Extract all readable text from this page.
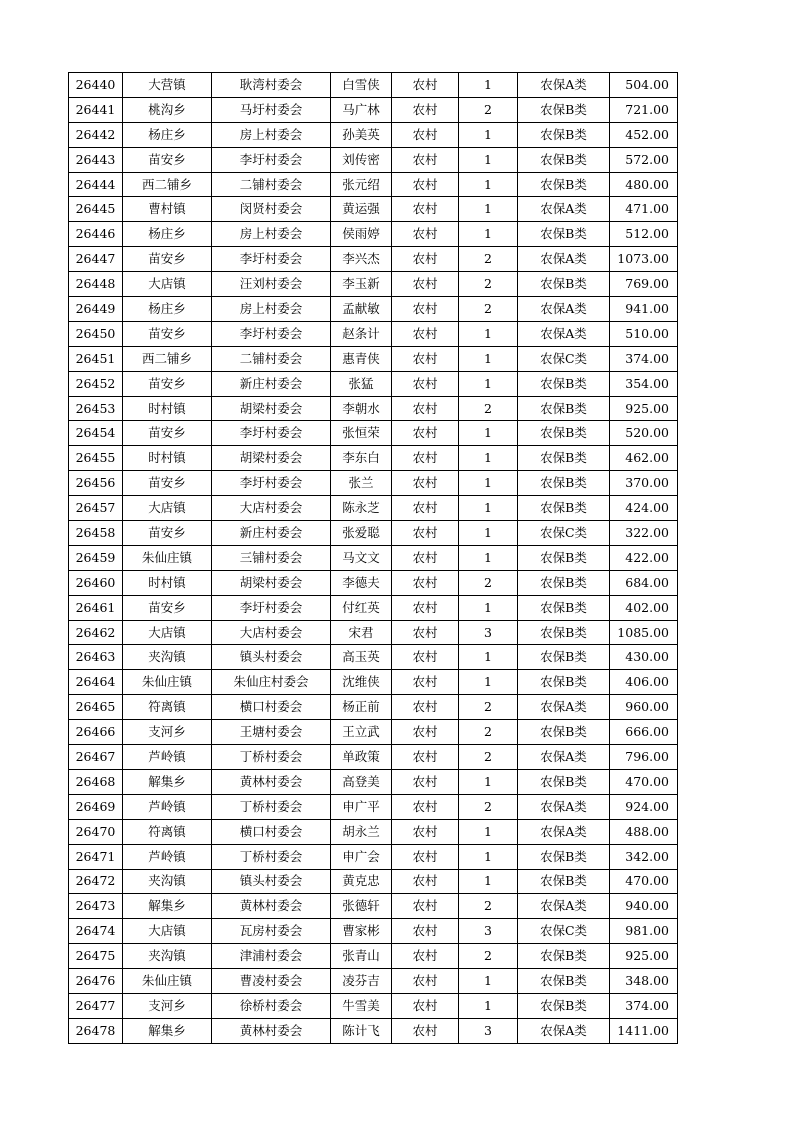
26440	大营镇	耿湾村委会	白雪侠	农村	1	农保A类	504.00
26441	桃沟乡	马圩村委会	马广林	农村	2	农保B类	721.00
26442	杨庄乡	房上村委会	孙美英	农村	1	农保B类	452.00
26443	苗安乡	李圩村委会	刘传密	农村	1	农保B类	572.00
26444	西二铺乡	二铺村委会	张元绍	农村	1	农保B类	480.00
26445	曹村镇	闵贤村委会	黄运强	农村	1	农保A类	471.00
26446	杨庄乡	房上村委会	侯雨婷	农村	1	农保B类	512.00
26447	苗安乡	李圩村委会	李兴杰	农村	2	农保A类	1073.00
26448	大店镇	汪刘村委会	李玉新	农村	2	农保B类	769.00
26449	杨庄乡	房上村委会	孟献敏	农村	2	农保A类	941.00
26450	苗安乡	李圩村委会	赵条计	农村	1	农保A类	510.00
26451	西二铺乡	二铺村委会	惠青侠	农村	1	农保C类	374.00
26452	苗安乡	新庄村委会	张猛	农村	1	农保B类	354.00
26453	时村镇	胡梁村委会	李朝水	农村	2	农保B类	925.00
26454	苗安乡	李圩村委会	张恒荣	农村	1	农保B类	520.00
26455	时村镇	胡梁村委会	李东白	农村	1	农保B类	462.00
26456	苗安乡	李圩村委会	张兰	农村	1	农保B类	370.00
26457	大店镇	大店村委会	陈永芝	农村	1	农保B类	424.00
26458	苗安乡	新庄村委会	张爱聪	农村	1	农保C类	322.00
26459	朱仙庄镇	三铺村委会	马文文	农村	1	农保B类	422.00
26460	时村镇	胡梁村委会	李德夫	农村	2	农保B类	684.00
26461	苗安乡	李圩村委会	付红英	农村	1	农保B类	402.00
26462	大店镇	大店村委会	宋君	农村	3	农保B类	1085.00
26463	夹沟镇	镇头村委会	高玉英	农村	1	农保B类	430.00
26464	朱仙庄镇	朱仙庄村委会	沈维侠	农村	1	农保B类	406.00
26465	符离镇	横口村委会	杨正前	农村	2	农保A类	960.00
26466	支河乡	王塘村委会	王立武	农村	2	农保B类	666.00
26467	芦岭镇	丁桥村委会	单政策	农村	2	农保A类	796.00
26468	解集乡	黄林村委会	高登美	农村	1	农保B类	470.00
26469	芦岭镇	丁桥村委会	申广平	农村	2	农保A类	924.00
26470	符离镇	横口村委会	胡永兰	农村	1	农保A类	488.00
26471	芦岭镇	丁桥村委会	申广会	农村	1	农保B类	342.00
26472	夹沟镇	镇头村委会	黄克忠	农村	1	农保B类	470.00
26473	解集乡	黄林村委会	张德轩	农村	2	农保A类	940.00
26474	大店镇	瓦房村委会	曹家彬	农村	3	农保C类	981.00
26475	夹沟镇	津浦村委会	张青山	农村	2	农保B类	925.00
26476	朱仙庄镇	曹凌村委会	凌芬吉	农村	1	农保B类	348.00
26477	支河乡	徐桥村委会	牛雪美	农村	1	农保B类	374.00
26478	解集乡	黄林村委会	陈计飞	农村	3	农保A类	1411.00
